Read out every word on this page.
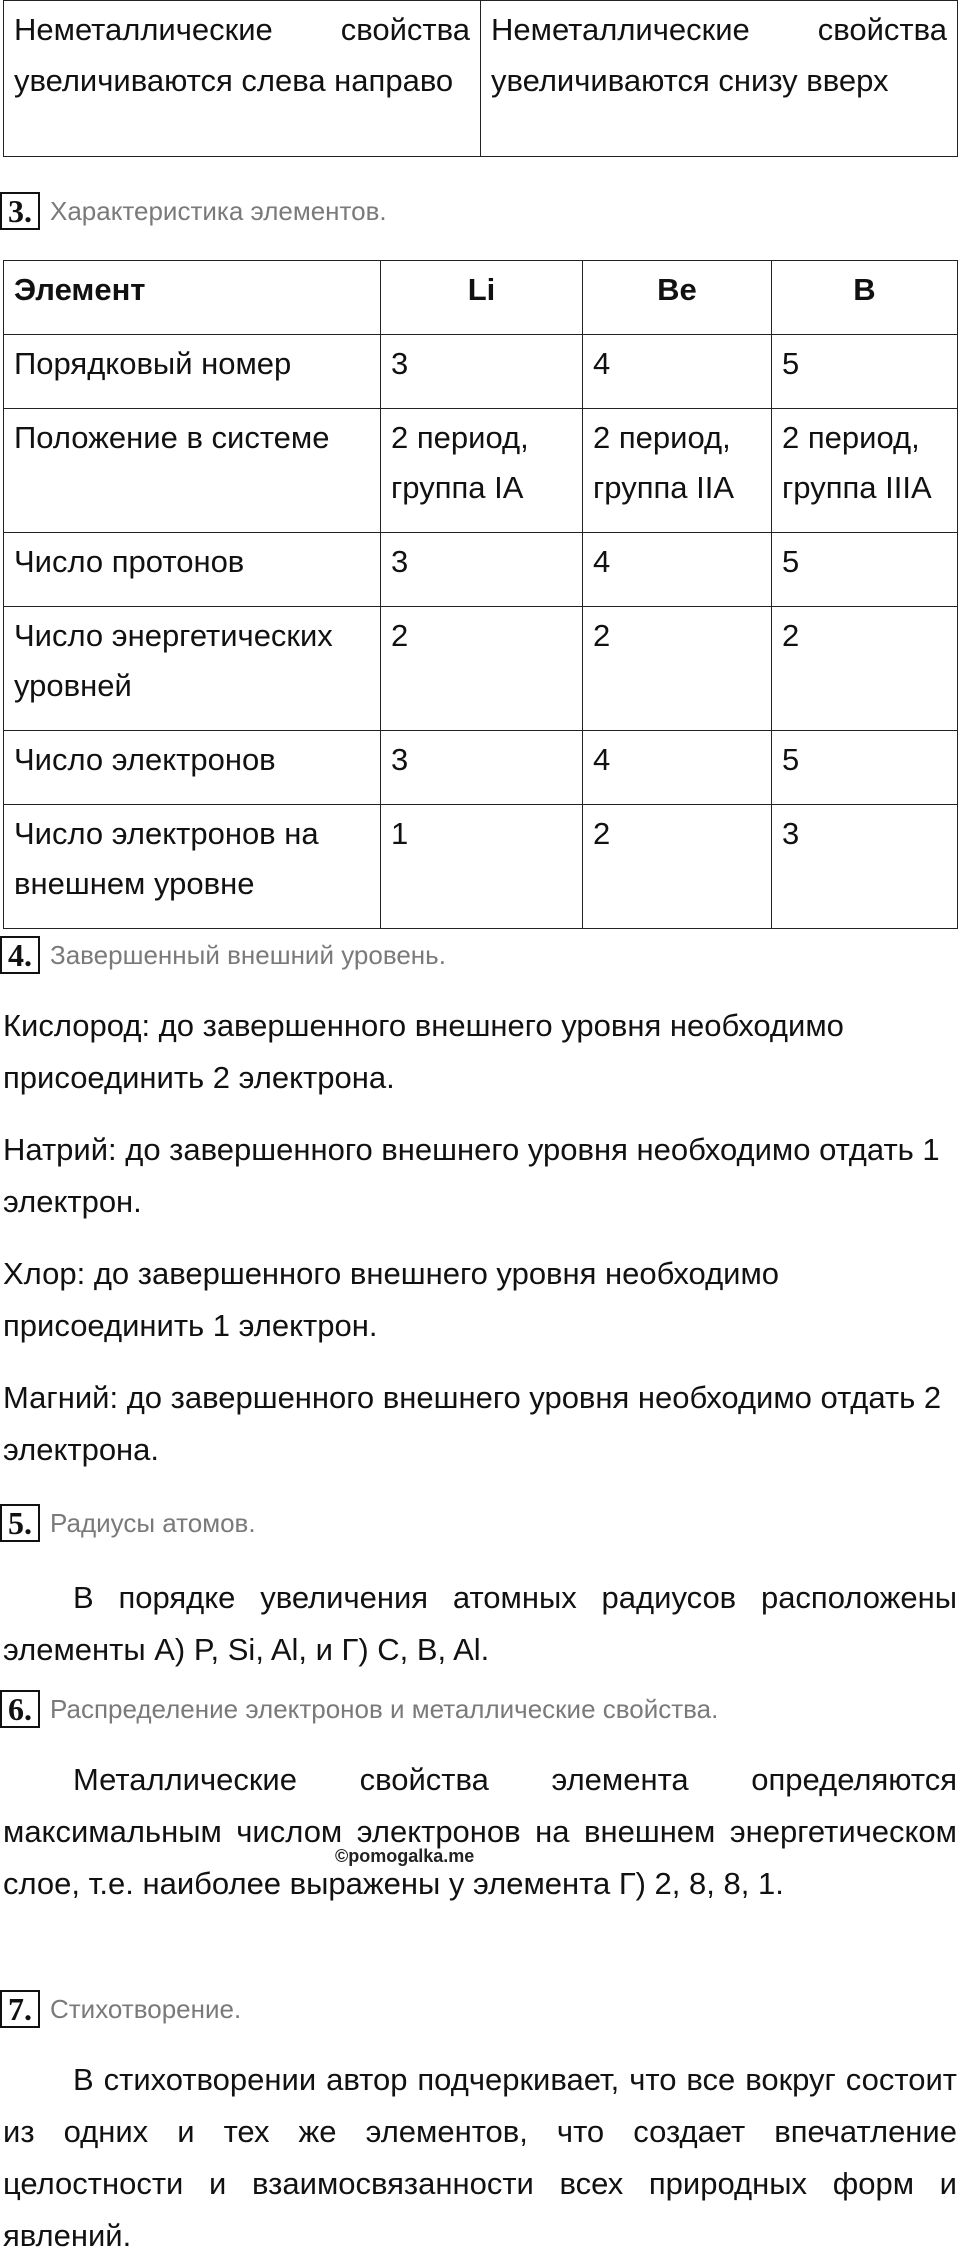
Неметаллические свойства увеличиваются слева направо	Неметаллические свойства увеличиваются снизу вверх
3. Характеристика элементов.
Элемент	Li	Be	B
Порядковый номер	3	4	5
Положение в системе	2 период, группа IA	2 период, группа IIA	2 период, группа IIIA
Число протонов	3	4	5
Число энергетических уровней	2	2	2
Число электронов	3	4	5
Число электронов на внешнем уровне	1	2	3
4. Завершенный внешний уровень.

Кислород: до завершенного внешнего уровня необходимо присоединить 2 электрона.

Натрий: до завершенного внешнего уровня необходимо отдать 1 электрон.

Хлор: до завершенного внешнего уровня необходимо присоединить 1 электрон.

Магний: до завершенного внешнего уровня необходимо отдать 2 электрона.

5. Радиусы атомов.

В порядке увеличения атомных радиусов расположены элементы А) P, Si, Al, и Г) C, B, Al.

6. Распределение электронов и металлические свойства.

Металлические свойства элемента определяются максимальным числом электронов на внешнем энергетическом слое, т.е. наиболее выражены у элемента Г) 2, 8, 8, 1.

©pomogalka.me
7. Стихотворение.

В стихотворении автор подчеркивает, что все вокруг состоит из одних и тех же элементов, что создает впечатление целостности и взаимосвязанности всех природных форм и явлений.
